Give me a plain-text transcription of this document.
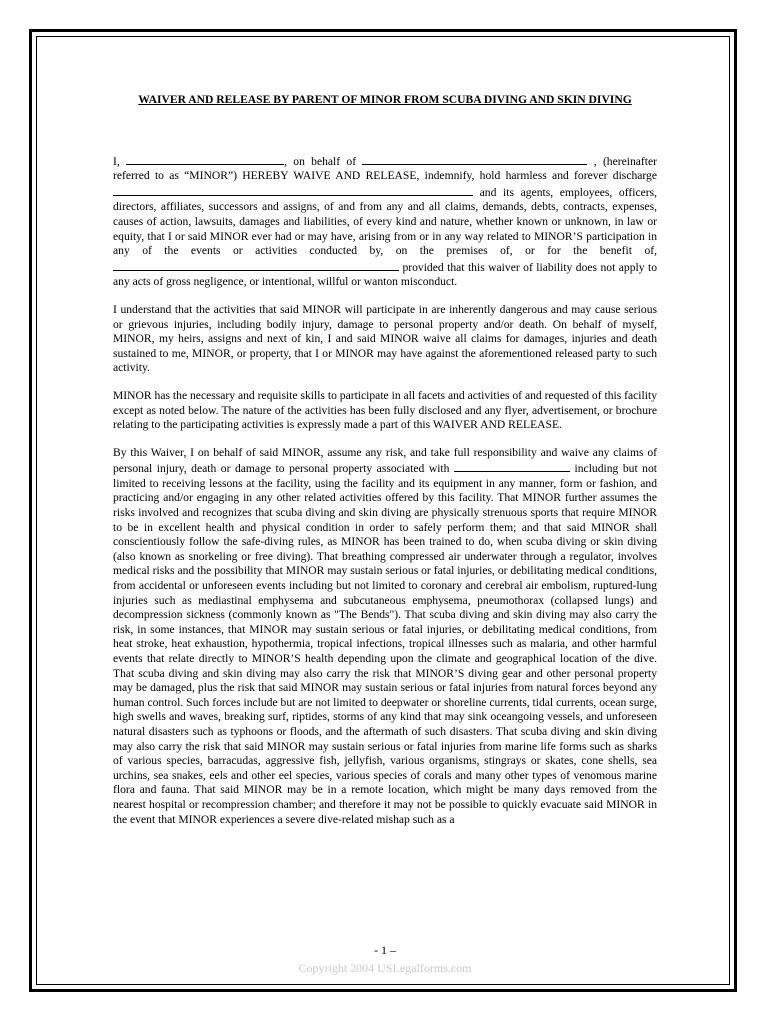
WAIVER AND RELEASE BY PARENT OF MINOR FROM SCUBA DIVING AND SKIN DIVING
I,	, on behalf of	, (hereinafter referred to as “MINOR”) HEREBY WAIVE AND RELEASE, indemnify, hold harmless and forever discharge  and its agents, employees, officers, directors, affiliates, successors and assigns, of and from any and all claims, demands, debts, contracts, expenses, causes of action, lawsuits, damages and liabilities, of every kind and nature, whether known or unknown, in law or equity, that I or said MINOR ever had or may have, arising from or in any way related to MINOR’S participation in any of the events or activities conducted by, on the premises of, or for the benefit of,  provided that this waiver of liability does not apply to any acts of gross negligence, or intentional, willful or wanton misconduct.
I understand that the activities that said MINOR will participate in are inherently dangerous and may cause serious or grievous injuries, including bodily injury, damage to personal property and/or death. On behalf of myself, MINOR, my heirs, assigns and next of kin, I and said MINOR waive all claims for damages, injuries and death sustained to me, MINOR, or property, that I or MINOR may have against the aforementioned released party to such activity.
MINOR has the necessary and requisite skills to participate in all facets and activities of and requested of this facility except as noted below. The nature of the activities has been fully disclosed and any flyer, advertisement, or brochure relating to the participating activities is expressly made a part of this WAIVER AND RELEASE.
By this Waiver, I on behalf of said MINOR, assume any risk, and take full responsibility and waive any claims of personal injury, death or damage to personal property associated with	including but not limited to receiving lessons at the facility, using the facility and its equipment in any manner, form or fashion, and practicing and/or engaging in any other related activities offered by this facility. That MINOR further assumes the risks involved and recognizes that scuba diving and skin diving are physically strenuous sports that require MINOR to be in excellent health and physical condition in order to safely perform them; and that said MINOR shall conscientiously follow the safe-diving rules, as MINOR has been trained to do, when scuba diving or skin diving (also known as snorkeling or free diving). That breathing compressed air underwater through a regulator, involves medical risks and the possibility that MINOR may sustain serious or fatal injuries, or debilitating medical conditions, from accidental or unforeseen events including but not limited to coronary and cerebral air embolism, ruptured-lung injuries such as mediastinal emphysema and subcutaneous emphysema, pneumothorax (collapsed lungs) and decompression sickness (commonly known as "The Bends"). That scuba diving and skin diving may also carry the risk, in some instances, that MINOR may sustain serious or fatal injuries, or debilitating medical conditions, from heat stroke, heat exhaustion, hypothermia, tropical infections, tropical illnesses such as malaria, and other harmful events that relate directly to MINOR’S health depending upon the climate and geographical location of the dive. That scuba diving and skin diving may also carry the risk that MINOR’S diving gear and other personal property may be damaged, plus the risk that said MINOR may sustain serious or fatal injuries from natural forces beyond any human control. Such forces include but are not limited to deepwater or shoreline currents, tidal currents, ocean surge, high swells and waves, breaking surf, riptides, storms of any kind that may sink oceangoing vessels, and unforeseen natural disasters such as typhoons or floods, and the aftermath of such disasters. That scuba diving and skin diving may also carry the risk that said MINOR may sustain serious or fatal injuries from marine life forms such as sharks of various species, barracudas, aggressive fish, jellyfish, various organisms, stingrays or skates, cone shells, sea urchins, sea snakes, eels and other eel species, various species of corals and many other types of venomous marine flora and fauna. That said MINOR may be in a remote location, which might be many days removed from the nearest hospital or recompression chamber; and therefore it may not be possible to quickly evacuate said MINOR in the event that MINOR experiences a severe dive-related mishap such as a
- 1 –
Copyright 2004 USLegalforms.com
